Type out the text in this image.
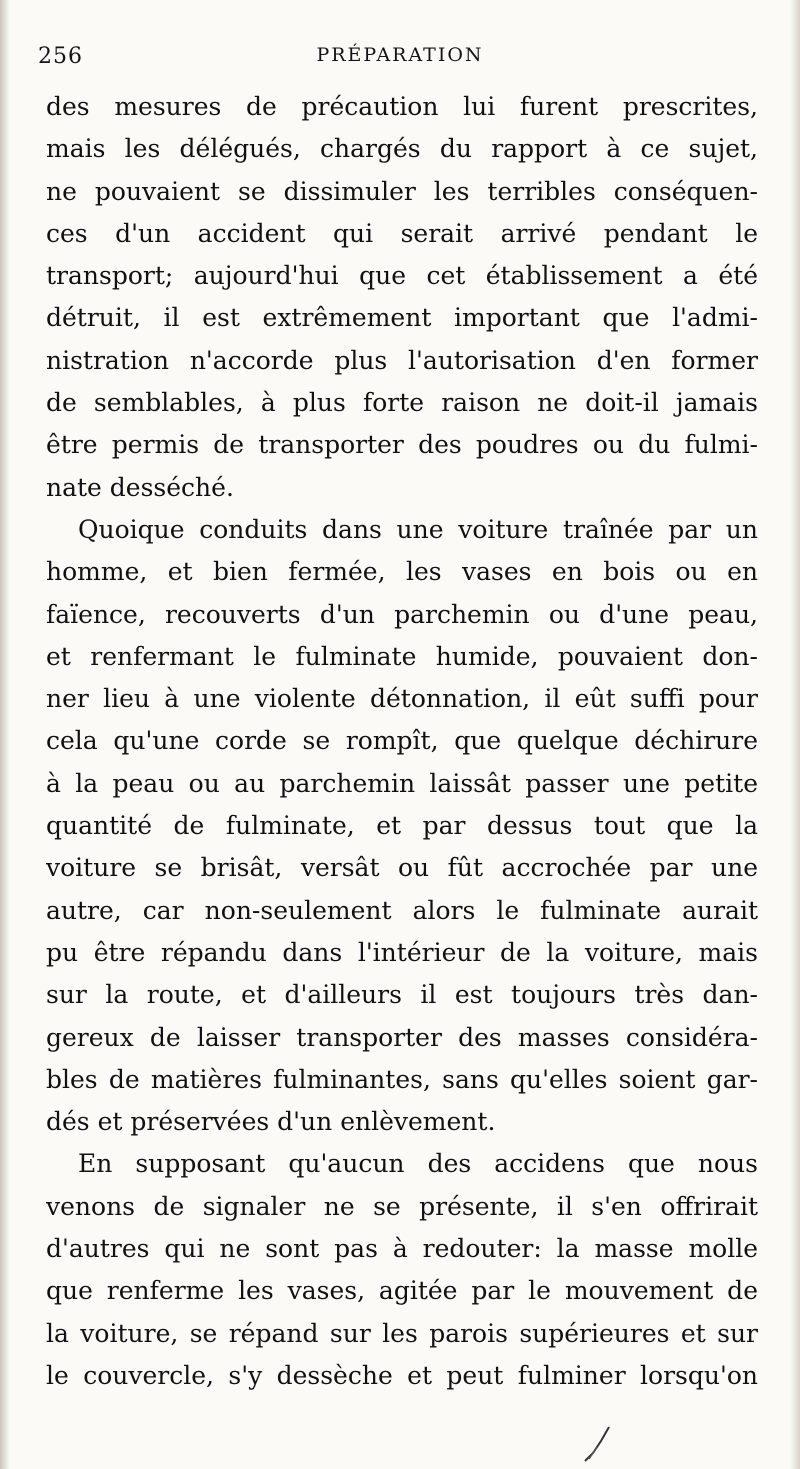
256	PRÉPARATION
des mesures de précaution lui furent prescrites,
mais les délégués, chargés du rapport à ce sujet,
ne pouvaient se dissimuler les terribles conséquen-
ces d'un accident qui serait arrivé pendant le
transport; aujourd'hui que cet établissement a été
détruit, il est extrêmement important que l'admi-
nistration n'accorde plus l'autorisation d'en former
de semblables, à plus forte raison ne doit-il jamais
être permis de transporter des poudres ou du fulmi-
nate desséché.
Quoique conduits dans une voiture traînée par un
homme, et bien fermée, les vases en bois ou en
faïence, recouverts d'un parchemin ou d'une peau,
et renfermant le fulminate humide, pouvaient don-
ner lieu à une violente détonnation, il eût suffi pour
cela qu'une corde se rompît, que quelque déchirure
à la peau ou au parchemin laissât passer une petite
quantité de fulminate, et par dessus tout que la
voiture se brisât, versât ou fût accrochée par une
autre, car non-seulement alors le fulminate aurait
pu être répandu dans l'intérieur de la voiture, mais
sur la route, et d'ailleurs il est toujours très dan-
gereux de laisser transporter des masses considéra-
bles de matières fulminantes, sans qu'elles soient gar-
dés et préservées d'un enlèvement.
En supposant qu'aucun des accidens que nous
venons de signaler ne se présente, il s'en offrirait
d'autres qui ne sont pas à redouter: la masse molle
que renferme les vases, agitée par le mouvement de
la voiture, se répand sur les parois supérieures et sur
le couvercle, s'y dessèche et peut fulminer lorsqu'on
